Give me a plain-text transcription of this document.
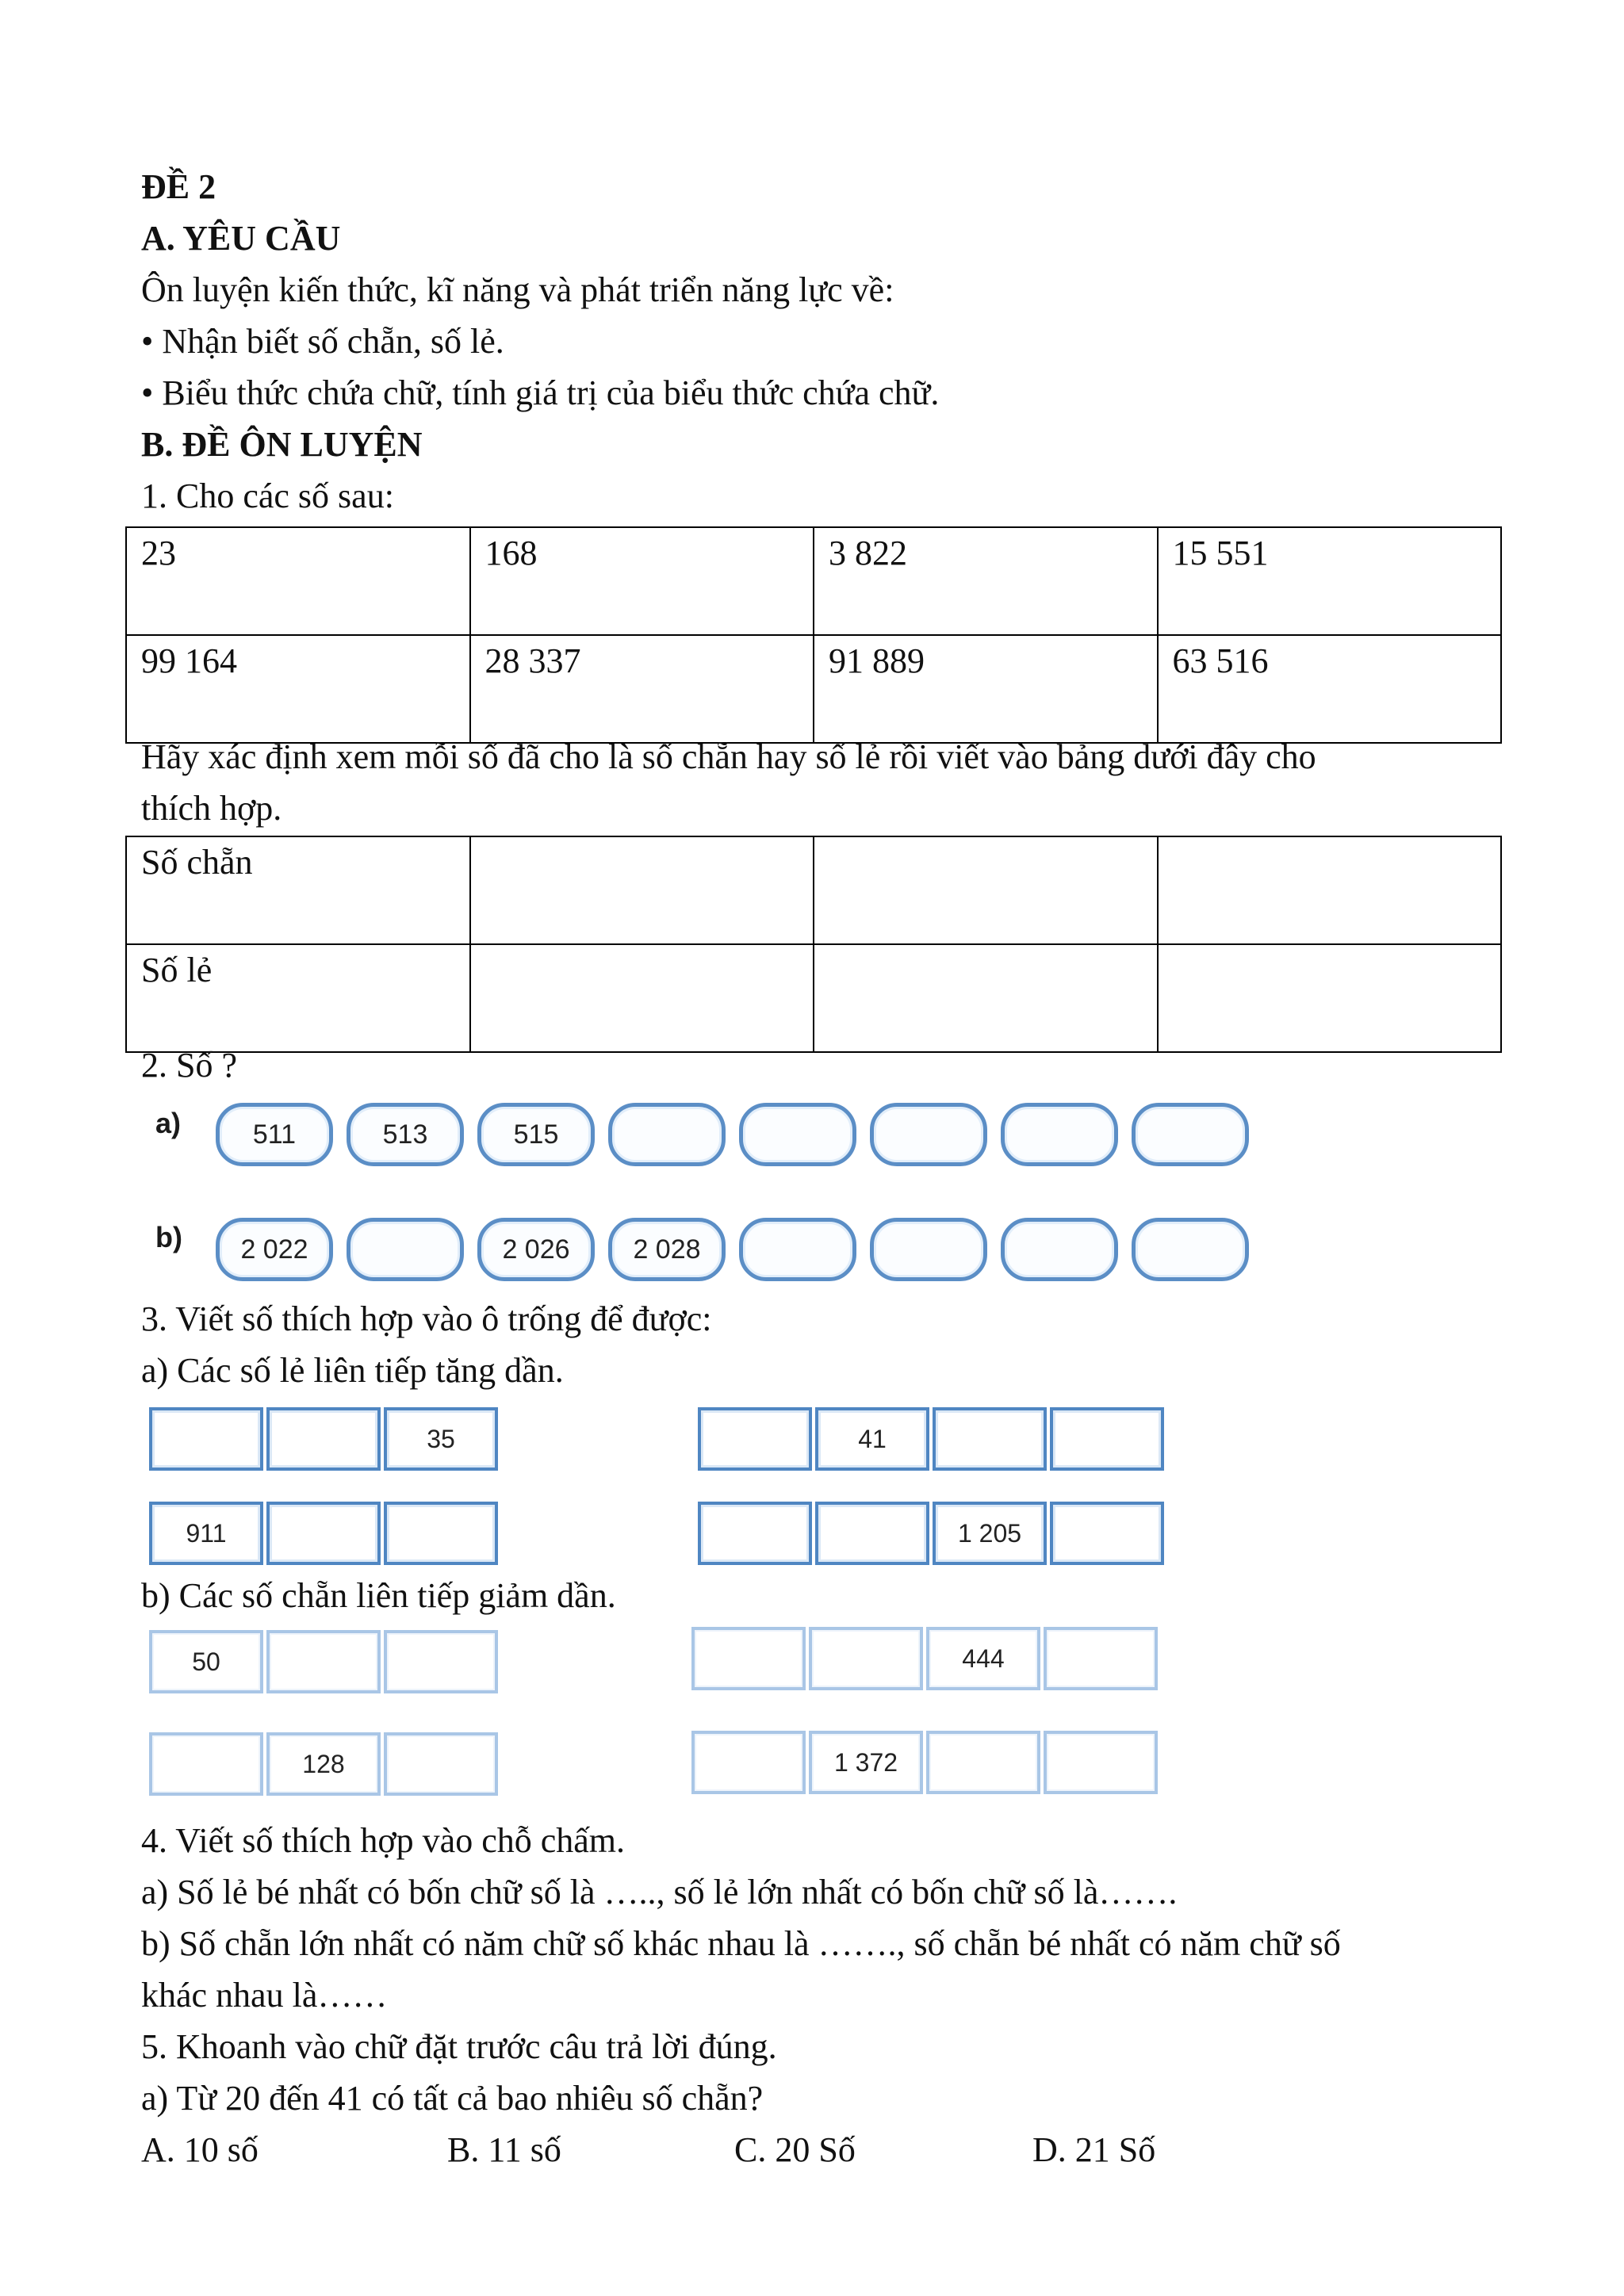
ĐỀ 2
A. YÊU CẦU
Ôn luyện kiến thức, kĩ năng và phát triển năng lực về:
• Nhận biết số chẵn, số lẻ.
• Biểu thức chứa chữ, tính giá trị của biểu thức chứa chữ.
B. ĐỀ ÔN LUYỆN
1. Cho các số sau:
23	168	3 822	15 551
99 164	28 337	91 889	63 516
Hãy xác định xem mỗi số đã cho là số chẵn hay số lẻ rồi viết vào bảng dưới đây cho
thích hợp.
Số chẵn			
Số lẻ			
2. Số ?
a)	511	513	515
b)	2 022	2 026	2 028
3. Viết số thích hợp vào ô trống để được:
a) Các số lẻ liên tiếp tăng dần.
35	41
911	1 205
b) Các số chẵn liên tiếp giảm dần.
50	444
128	1 372
4. Viết số thích hợp vào chỗ chấm.
a) Số lẻ bé nhất có bốn chữ số là ….., số lẻ lớn nhất có bốn chữ số là…….
b) Số chẵn lớn nhất có năm chữ số khác nhau là ……., số chẵn bé nhất có năm chữ số
khác nhau là……
5. Khoanh vào chữ đặt trước câu trả lời đúng.
a) Từ 20 đến 41 có tất cả bao nhiêu số chẵn?
A. 10 số	B. 11 số	C. 20 Số	D. 21 Số
